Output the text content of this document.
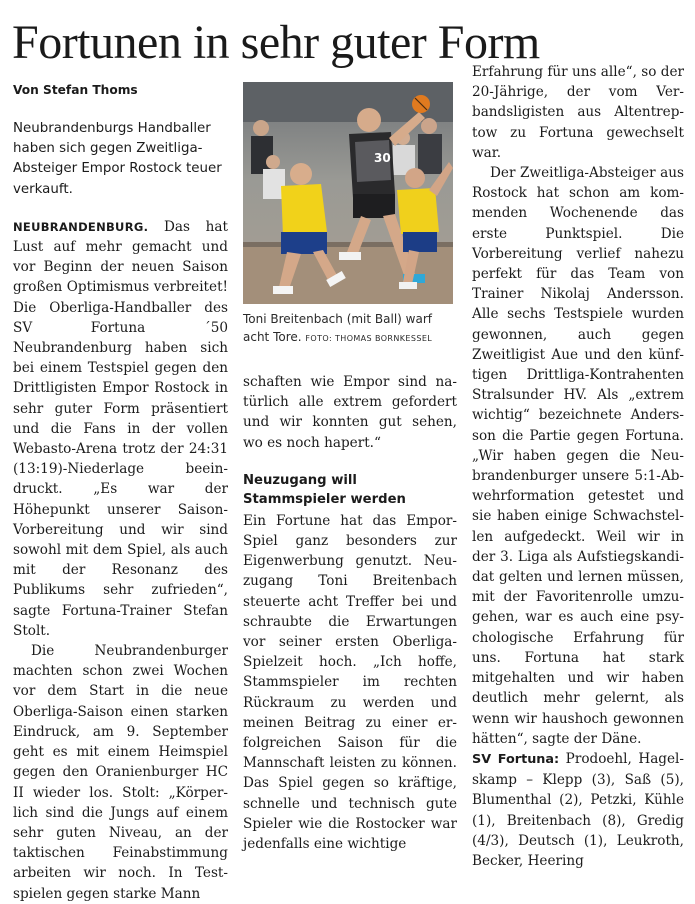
Fortunen in sehr guter Form

Von Stefan Thoms

Neubrandenburgs Handballer haben sich gegen Zweitliga-Absteiger Empor Rostock teuer verkauft.

NEUBRANDENBURG. Das hat Lust auf mehr gemacht und vor Beginn der neuen Saison großen Optimismus verbreitet! Die Oberliga-Handballer des SV Fortuna ´50 Neubrandenburg haben sich bei einem Testspiel gegen den Drittligisten Empor Rostock in sehr guter Form präsentiert und die Fans in der vollen Webasto-Arena trotz der 24:31 (13:19)-Niederlage beeindruckt. „Es war der Höhepunkt unserer Saison-Vorbereitung und wir sind sowohl mit dem Spiel, als auch mit der Resonanz des Publikums sehr zufrieden“, sagte Fortuna-Trainer Stefan Stolt.

Die Neubrandenburger machten schon zwei Wochen vor dem Start in die neue Oberliga-Saison einen starken Eindruck, am 9. September geht es mit einem Heimspiel gegen den Oranienburger HC II wieder los. Stolt: „Körperlich sind die Jungs auf einem sehr guten Niveau, an der taktischen Feinabstimmung arbeiten wir noch. In Testspielen gegen starke Mann

30
Toni Breitenbach (mit Ball) warf acht Tore. FOTO: THOMAS BORNKESSEL

schaften wie Empor sind natürlich alle extrem gefordert und wir konnten gut sehen, wo es noch hapert.“

Neuzugang will Stammspieler werden

Ein Fortune hat das Empor-Spiel ganz besonders zur Eigenwerbung genutzt. Neuzugang Toni Breitenbach steuerte acht Treffer bei und schraubte die Erwartungen vor seiner ersten Oberliga-Spielzeit hoch. „Ich hoffe, Stammspieler im rechten Rückraum zu werden und meinen Beitrag zu einer erfolgreichen Saison für die Mannschaft leisten zu können. Das Spiel gegen so kräftige, schnelle und technisch gute Spieler wie die Rostocker war jedenfalls eine wichtige

Erfahrung für uns alle“, so der 20-Jährige, der vom Verbandsligisten aus Altentreptow zu Fortuna gewechselt war.

Der Zweitliga-Absteiger aus Rostock hat schon am kommenden Wochenende das erste Punktspiel. Die Vorbereitung verlief nahezu perfekt für das Team von Trainer Nikolaj Andersson. Alle sechs Testspiele wurden gewonnen, auch gegen Zweitligist Aue und den künftigen Drittliga-Kontrahenten Stralsunder HV. Als „extrem wichtig“ bezeichnete Andersson die Partie gegen Fortuna. „Wir haben gegen die Neubrandenburger unsere 5:1-Abwehrformation getestet und sie haben einige Schwachstellen aufgedeckt. Weil wir in der 3. Liga als Aufstiegskandidat gelten und lernen müssen, mit der Favoritenrolle umzugehen, war es auch eine psychologische Erfahrung für uns. Fortuna hat stark mitgehalten und wir haben deutlich mehr gelernt, als wenn wir haushoch gewonnen hätten“, sagte der Däne.

SV Fortuna: Prodoehl, Hagelskamp – Klepp (3), Saß (5), Blumenthal (2), Petzki, Kühle (1), Breitenbach (8), Gredig (4/3), Deutsch (1), Leukroth, Becker, Heering
